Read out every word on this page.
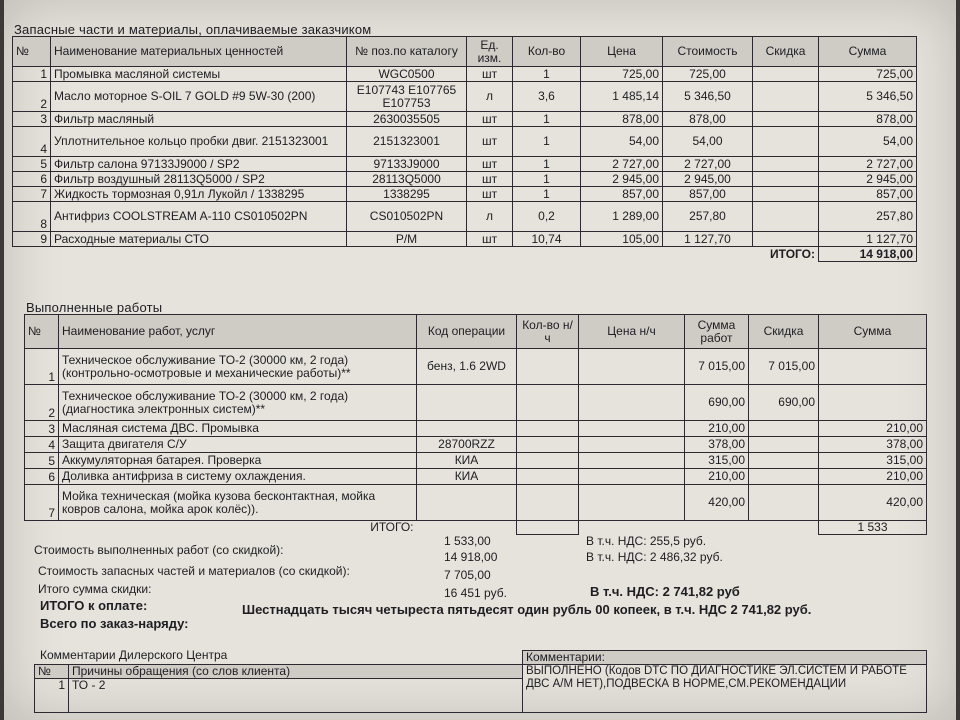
Запасные части и материалы, оплачиваемые заказчиком
№	Наименование материальных ценностей	№ поз.по каталогу	Ед. изм.	Кол-во	Цена	Стоимость	Скидка	Сумма
1	Промывка масляной системы	WGC0500	шт	1	725,00	725,00		725,00
2	Масло моторное S-OIL 7 GOLD #9 5W-30 (200)	E107743 E107765 E107753	л	3,6	1 485,14	5 346,50		5 346,50
3	Фильтр масляный	2630035505	шт	1	878,00	878,00		878,00
4	Уплотнительное кольцо пробки двиг. 2151323001	2151323001	шт	1	54,00	54,00		54,00
5	Фильтр салона 97133J9000 / SP2	97133J9000	шт	1	2 727,00	2 727,00		2 727,00
6	Фильтр воздушный 28113Q5000 / SP2	28113Q5000	шт	1	2 945,00	2 945,00		2 945,00
7	Жидкость тормозная 0,91л Лукойл / 1338295	1338295	шт	1	857,00	857,00		857,00
8	Антифриз COOLSTREAM A-110 CS010502PN	CS010502PN	л	0,2	1 289,00	257,80		257,80
9	Расходные материалы СТО	P/M	шт	10,74	105,00	1 127,70		1 127,70
ИТОГО:								14 918,00
Выполненные работы
№	Наименование работ, услуг	Код операции	Кол-во н/ч	Цена н/ч	Сумма работ	Скидка	Сумма
1	Техническое обслуживание ТО-2 (30000 км, 2 года) (контрольно-осмотровые и механические работы)**	бенз, 1.6 2WD			7 015,00	7 015,00	
2	Техническое обслуживание ТО-2 (30000 км, 2 года) (диагностика электронных систем)**				690,00	690,00	
3	Масляная система ДВС. Промывка				210,00		210,00
4	Защита двигателя С/У	28700RZZ			378,00		378,00
5	Аккумуляторная батарея. Проверка	КИА			315,00		315,00
6	Доливка антифриза в систему охлаждения.	КИА			210,00		210,00
7	Мойка техническая (мойка кузова бесконтактная, мойка ковров салона, мойка арок колёс)).				420,00		420,00
ИТОГО:							1 533
Стоимость выполненных работ (со скидкой):
1 533,00	В т.ч. НДС: 255,5 руб.
Стоимость запасных частей и материалов (со скидкой):
14 918,00	В т.ч. НДС: 2 486,32 руб.
Итого сумма скидки:
7 705,00
ИТОГО к оплате:
16 451 руб.	В т.ч. НДС: 2 741,82 руб
Всего по заказ-наряду:
Шестнадцать тысяч четыреста пятьдесят один рубль 00 копеек, в т.ч. НДС 2 741,82 руб.
Комментарии Дилерского Центра
			Комментарии:
№	Причины обращения (со слов клиента)	ВЫПОЛНЕНО (Кодов DTC ПО ДИАГНОСТИКЕ ЭЛ.СИСТЕМ И РАБОТЕ ДВС А/М НЕТ),ПОДВЕСКА В НОРМЕ,СМ.РЕКОМЕНДАЦИИ
1	ТО - 2	
